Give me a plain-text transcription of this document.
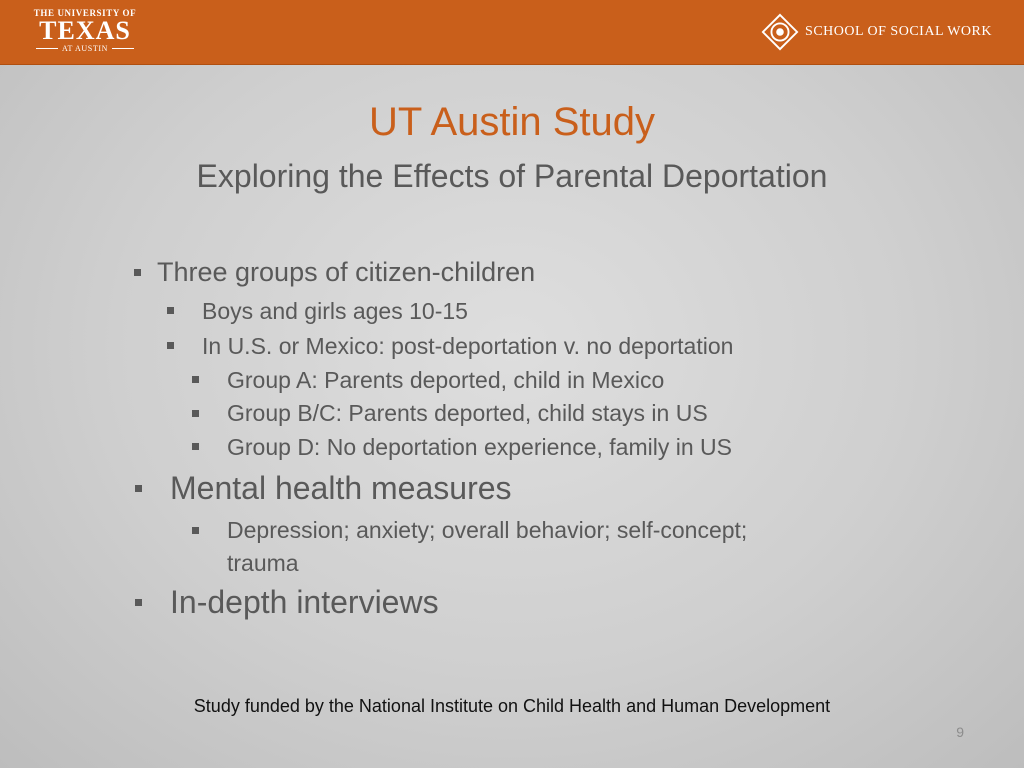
THE UNIVERSITY OF
TEXAS
AT AUSTIN
SCHOOL OF SOCIAL WORK
UT Austin Study
Exploring the Effects of Parental Deportation
Three groups of citizen-children
Boys and girls ages 10-15
In U.S. or Mexico: post-deportation v. no deportation
Group A: Parents deported, child in Mexico
Group B/C: Parents deported, child stays in US
Group D: No deportation experience, family in US
Mental health measures
Depression; anxiety; overall behavior; self-concept;
trauma
In-depth interviews
Study funded by the National Institute on Child Health and Human Development
9
